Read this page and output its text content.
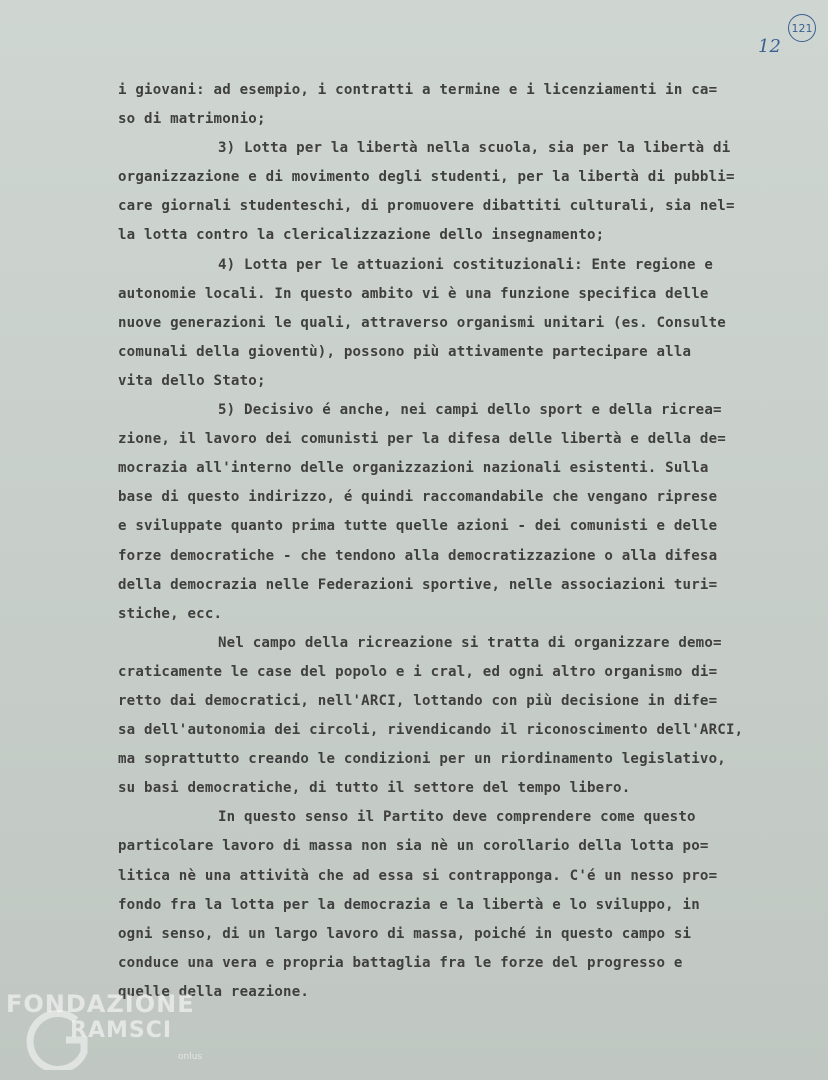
121
12
i giovani: ad esempio, i contratti a termine e i licenziamenti in ca=
so di matrimonio;
3) Lotta per la libertà nella scuola, sia per la libertà di
organizzazione e di movimento degli studenti, per la libertà di pubbli=
care giornali studenteschi, di promuovere dibattiti culturali, sia nel=
la lotta contro la clericalizzazione dello insegnamento;
4) Lotta per le attuazioni costituzionali: Ente regione e
autonomie locali. In questo ambito vi è una funzione specifica delle
nuove generazioni le quali, attraverso organismi unitari (es. Consulte
comunali della gioventù), possono più attivamente partecipare alla
vita dello Stato;
5) Decisivo é anche, nei campi dello sport e della ricrea=
zione, il lavoro dei comunisti per la difesa delle libertà e della de=
mocrazia all'interno delle organizzazioni nazionali esistenti. Sulla
base di questo indirizzo, é quindi raccomandabile che vengano riprese
e sviluppate quanto prima tutte quelle azioni - dei comunisti e delle
forze democratiche - che tendono alla democratizzazione o alla difesa
della democrazia nelle Federazioni sportive, nelle associazioni turi=
stiche, ecc.
Nel campo della ricreazione si tratta di organizzare demo=
craticamente le case del popolo e i cral, ed ogni altro organismo di=
retto dai democratici, nell'ARCI, lottando con più decisione in dife=
sa dell'autonomia dei circoli, rivendicando il riconoscimento dell'ARCI,
ma soprattutto creando le condizioni per un riordinamento legislativo,
su basi democratiche, di tutto il settore del tempo libero.
In questo senso il Partito deve comprendere come questo
particolare lavoro di massa non sia nè un corollario della lotta po=
litica nè una attività che ad essa si contrapponga. C'é un nesso pro=
fondo fra la lotta per la democrazia e la libertà e lo sviluppo, in
ogni senso, di un largo lavoro di massa, poiché in questo campo si
conduce una vera e propria battaglia fra le forze del progresso e
quelle della reazione.
FONDAZIONE
RAMSCI
onlus
